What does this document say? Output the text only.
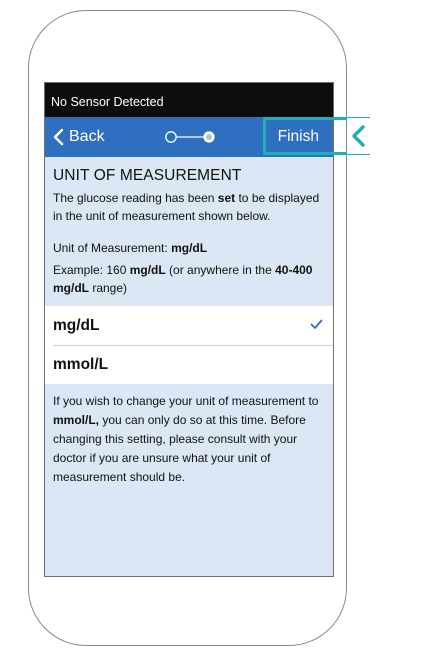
No Sensor Detected
Back	Finish
UNIT OF MEASUREMENT

The glucose reading has been set to be displayed in the unit of measurement shown below.

Unit of Measurement: mg/dL

Example: 160 mg/dL (or anywhere in the 40-400 mg/dL range)

mg/dL
mmol/L
If you wish to change your unit of measurement to mmol/L, you can only do so at this time. Before changing this setting, please consult with your doctor if you are unsure what your unit of measurement should be.
